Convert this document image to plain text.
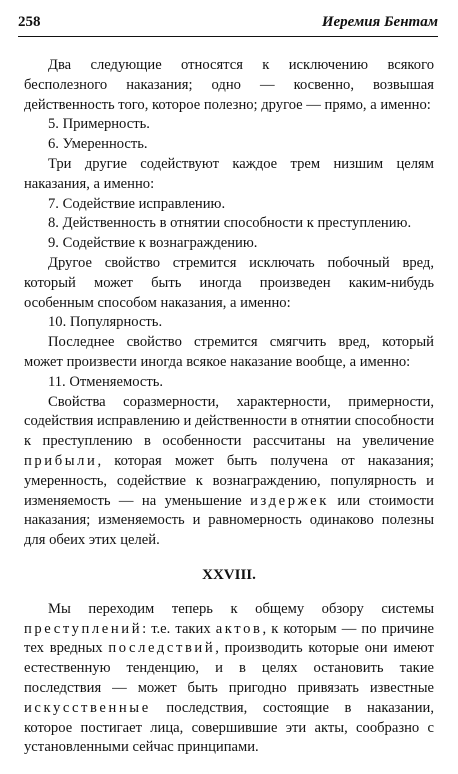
258	Иеремия Бентам

Два следующие относятся к исключению всякого бесполезного наказания; одно — косвенно, возвышая действенность того, которое полезно; другое — прямо, а именно:

5. Примерность.

6. Умеренность.

Три другие содействуют каждое трем низшим целям наказания, а именно:

7. Содействие исправлению.

8. Действенность в отнятии способности к преступлению.

9. Содействие к вознаграждению.

Другое свойство стремится исключать побочный вред, который может быть иногда произведен каким-нибудь особенным способом наказания, а именно:

10. Популярность.

Последнее свойство стремится смягчить вред, который может произвести иногда всякое наказание вообще, а именно:

11. Отменяемость.

Свойства соразмерности, характерности, примерности, содействия исправлению и действенности в отнятии способности к преступлению в особенности рассчитаны на увеличение прибыли, которая может быть получена от наказания; умеренность, содействие к вознаграждению, популярность и изменяемость — на уменьшение издержек или стоимости наказания; изменяемость и равномерность одинаково полезны для обеих этих целей.

XXVIII.

Мы переходим теперь к общему обзору системы преступлений: т.е. таких актов, к которым — по причине тех вредных последствий, производить которые они имеют естественную тенденцию, и в целях остановить такие последствия — может быть пригодно привязать известные искусственные последствия, состоящие в наказании, которое постигает лица, совершившие эти акты, сообразно с установленными сейчас принципами.
